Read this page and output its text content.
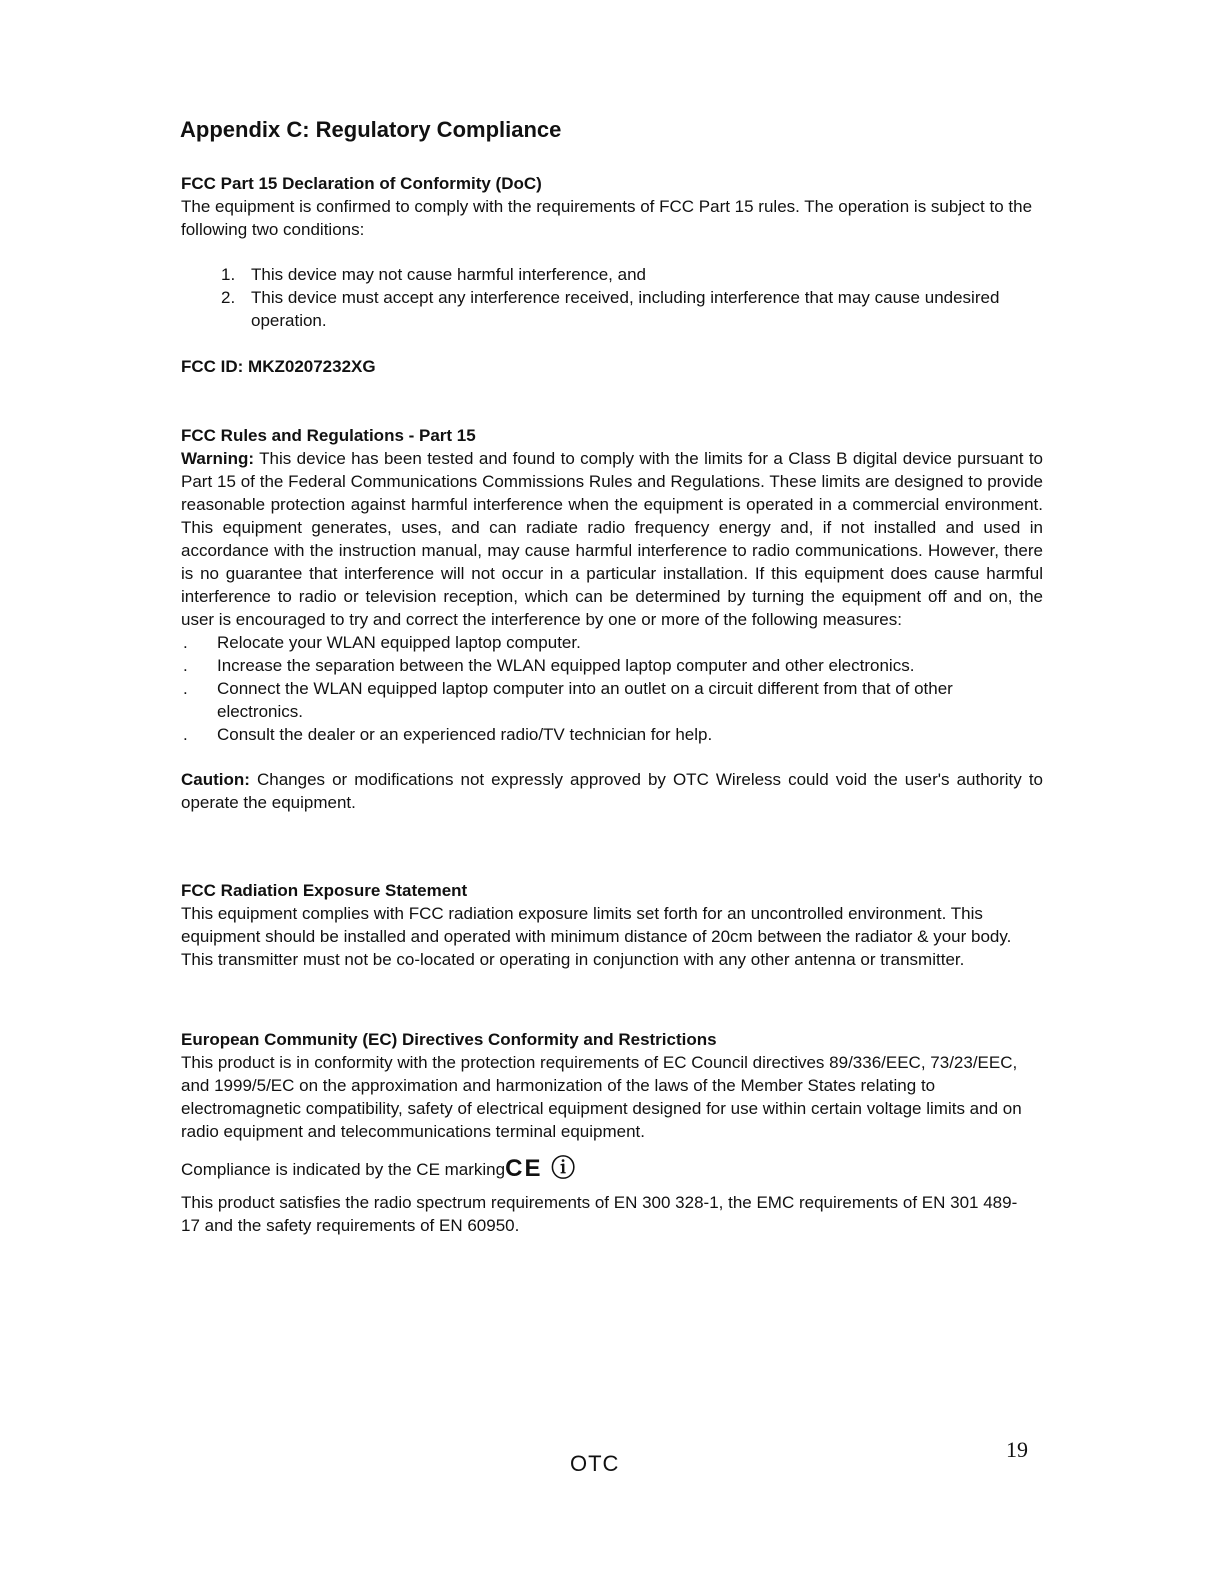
Appendix C: Regulatory Compliance

FCC Part 15 Declaration of Conformity (DoC)

The equipment is confirmed to comply with the requirements of FCC Part 15 rules. The operation is subject to the following two conditions:

1. This device may not cause harmful interference, and

2. This device must accept any interference received, including interference that may cause undesired operation.

FCC ID: MKZ0207232XG

FCC Rules and Regulations - Part 15

Warning: This device has been tested and found to comply with the limits for a Class B digital device pursuant to Part 15 of the Federal Communications Commissions Rules and Regulations. These limits are designed to provide reasonable protection against harmful interference when the equipment is operated in a commercial environment. This equipment generates, uses, and can radiate radio frequency energy and, if not installed and used in accordance with the instruction manual, may cause harmful interference to radio communications. However, there is no guarantee that interference will not occur in a particular installation. If this equipment does cause harmful interference to radio or television reception, which can be determined by turning the equipment off and on, the user is encouraged to try and correct the interference by one or more of the following measures:

. Relocate your WLAN equipped laptop computer.

. Increase the separation between the WLAN equipped laptop computer and other electronics.

. Connect the WLAN equipped laptop computer into an outlet on a circuit different from that of other electronics.

. Consult the dealer or an experienced radio/TV technician for help.

Caution: Changes or modifications not expressly approved by OTC Wireless could void the user's authority to operate the equipment.

FCC Radiation Exposure Statement

This equipment complies with FCC radiation exposure limits set forth for an uncontrolled environment. This equipment should be installed and operated with minimum distance of 20cm between the radiator & your body. This transmitter must not be co-located or operating in conjunction with any other antenna or transmitter.

European Community (EC) Directives Conformity and Restrictions

This product is in conformity with the protection requirements of EC Council directives 89/336/EEC, 73/23/EEC, and 1999/5/EC on the approximation and harmonization of the laws of the Member States relating to electromagnetic compatibility, safety of electrical equipment designed for use within certain voltage limits and on radio equipment and telecommunications terminal equipment.

Compliance is indicated by the CE markingCE ⓘ

This product satisfies the radio spectrum requirements of EN 300 328-1, the EMC requirements of EN 301 489-17 and the safety requirements of EN 60950.

19
OTC
